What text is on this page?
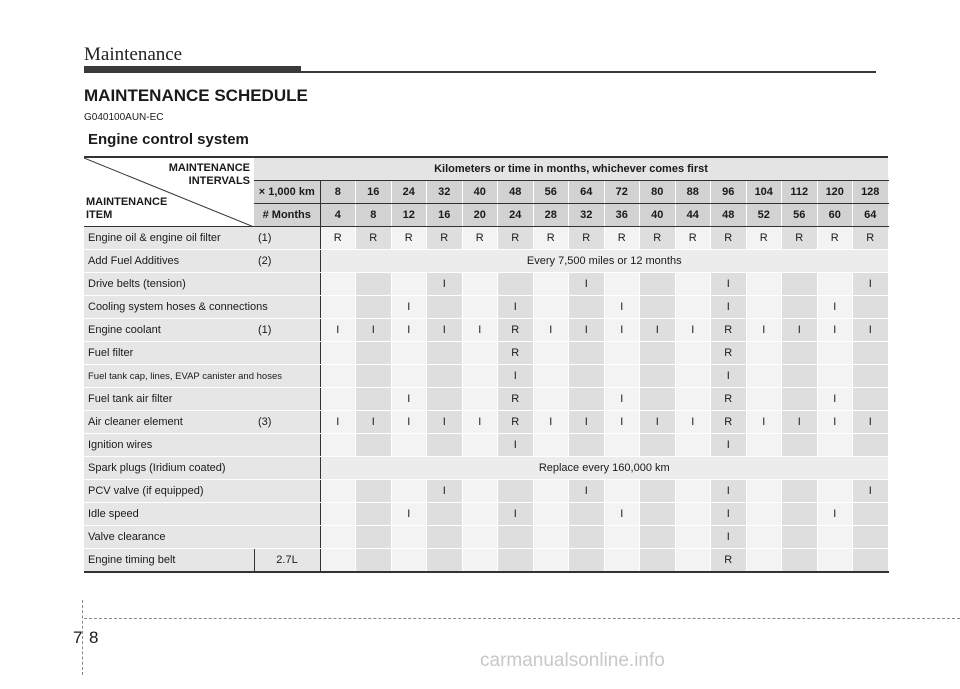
Maintenance
MAINTENANCE SCHEDULE
G040100AUN-EC
Engine control system
MAINTENANCE
INTERVALS
MAINTENANCE
ITEM	Kilometers or time in months, whichever comes first																
	× 1,000 km	8	16	24	32	40	48	56	64	72	80	88	96	104	112	120	128
	# Months	4	8	12	16	20	24	28	32	36	40	44	48	52	56	60	64

Engine oil & engine oil filter (1)		R	R	R	R	R	R	R	R	R	R	R	R	R	R	R	R

Add Fuel Additives (2)		Every 7,500 miles or 12 months															

Drive belts (tension)					I				I				I				I

Cooling system hoses & connections				I			I			I			I			I	

Engine coolant (1)		I	I	I	I	I	R	I	I	I	I	I	R	I	I	I	I

Fuel filter							R						R				

Fuel tank cap, lines, EVAP canister and hoses							I						I				

Fuel tank air filter				I			R			I			R			I	

Air cleaner element (3)		I	I	I	I	I	R	I	I	I	I	I	R	I	I	I	I

Ignition wires							I						I				

Spark plugs (Iridium coated)		Replace every 160,000 km															

PCV valve (if equipped)					I				I				I				I

Idle speed				I			I			I			I			I	

Valve clearance													I				
Engine timing belt	2.7L												R				
7 8
carmanualsonline.info
